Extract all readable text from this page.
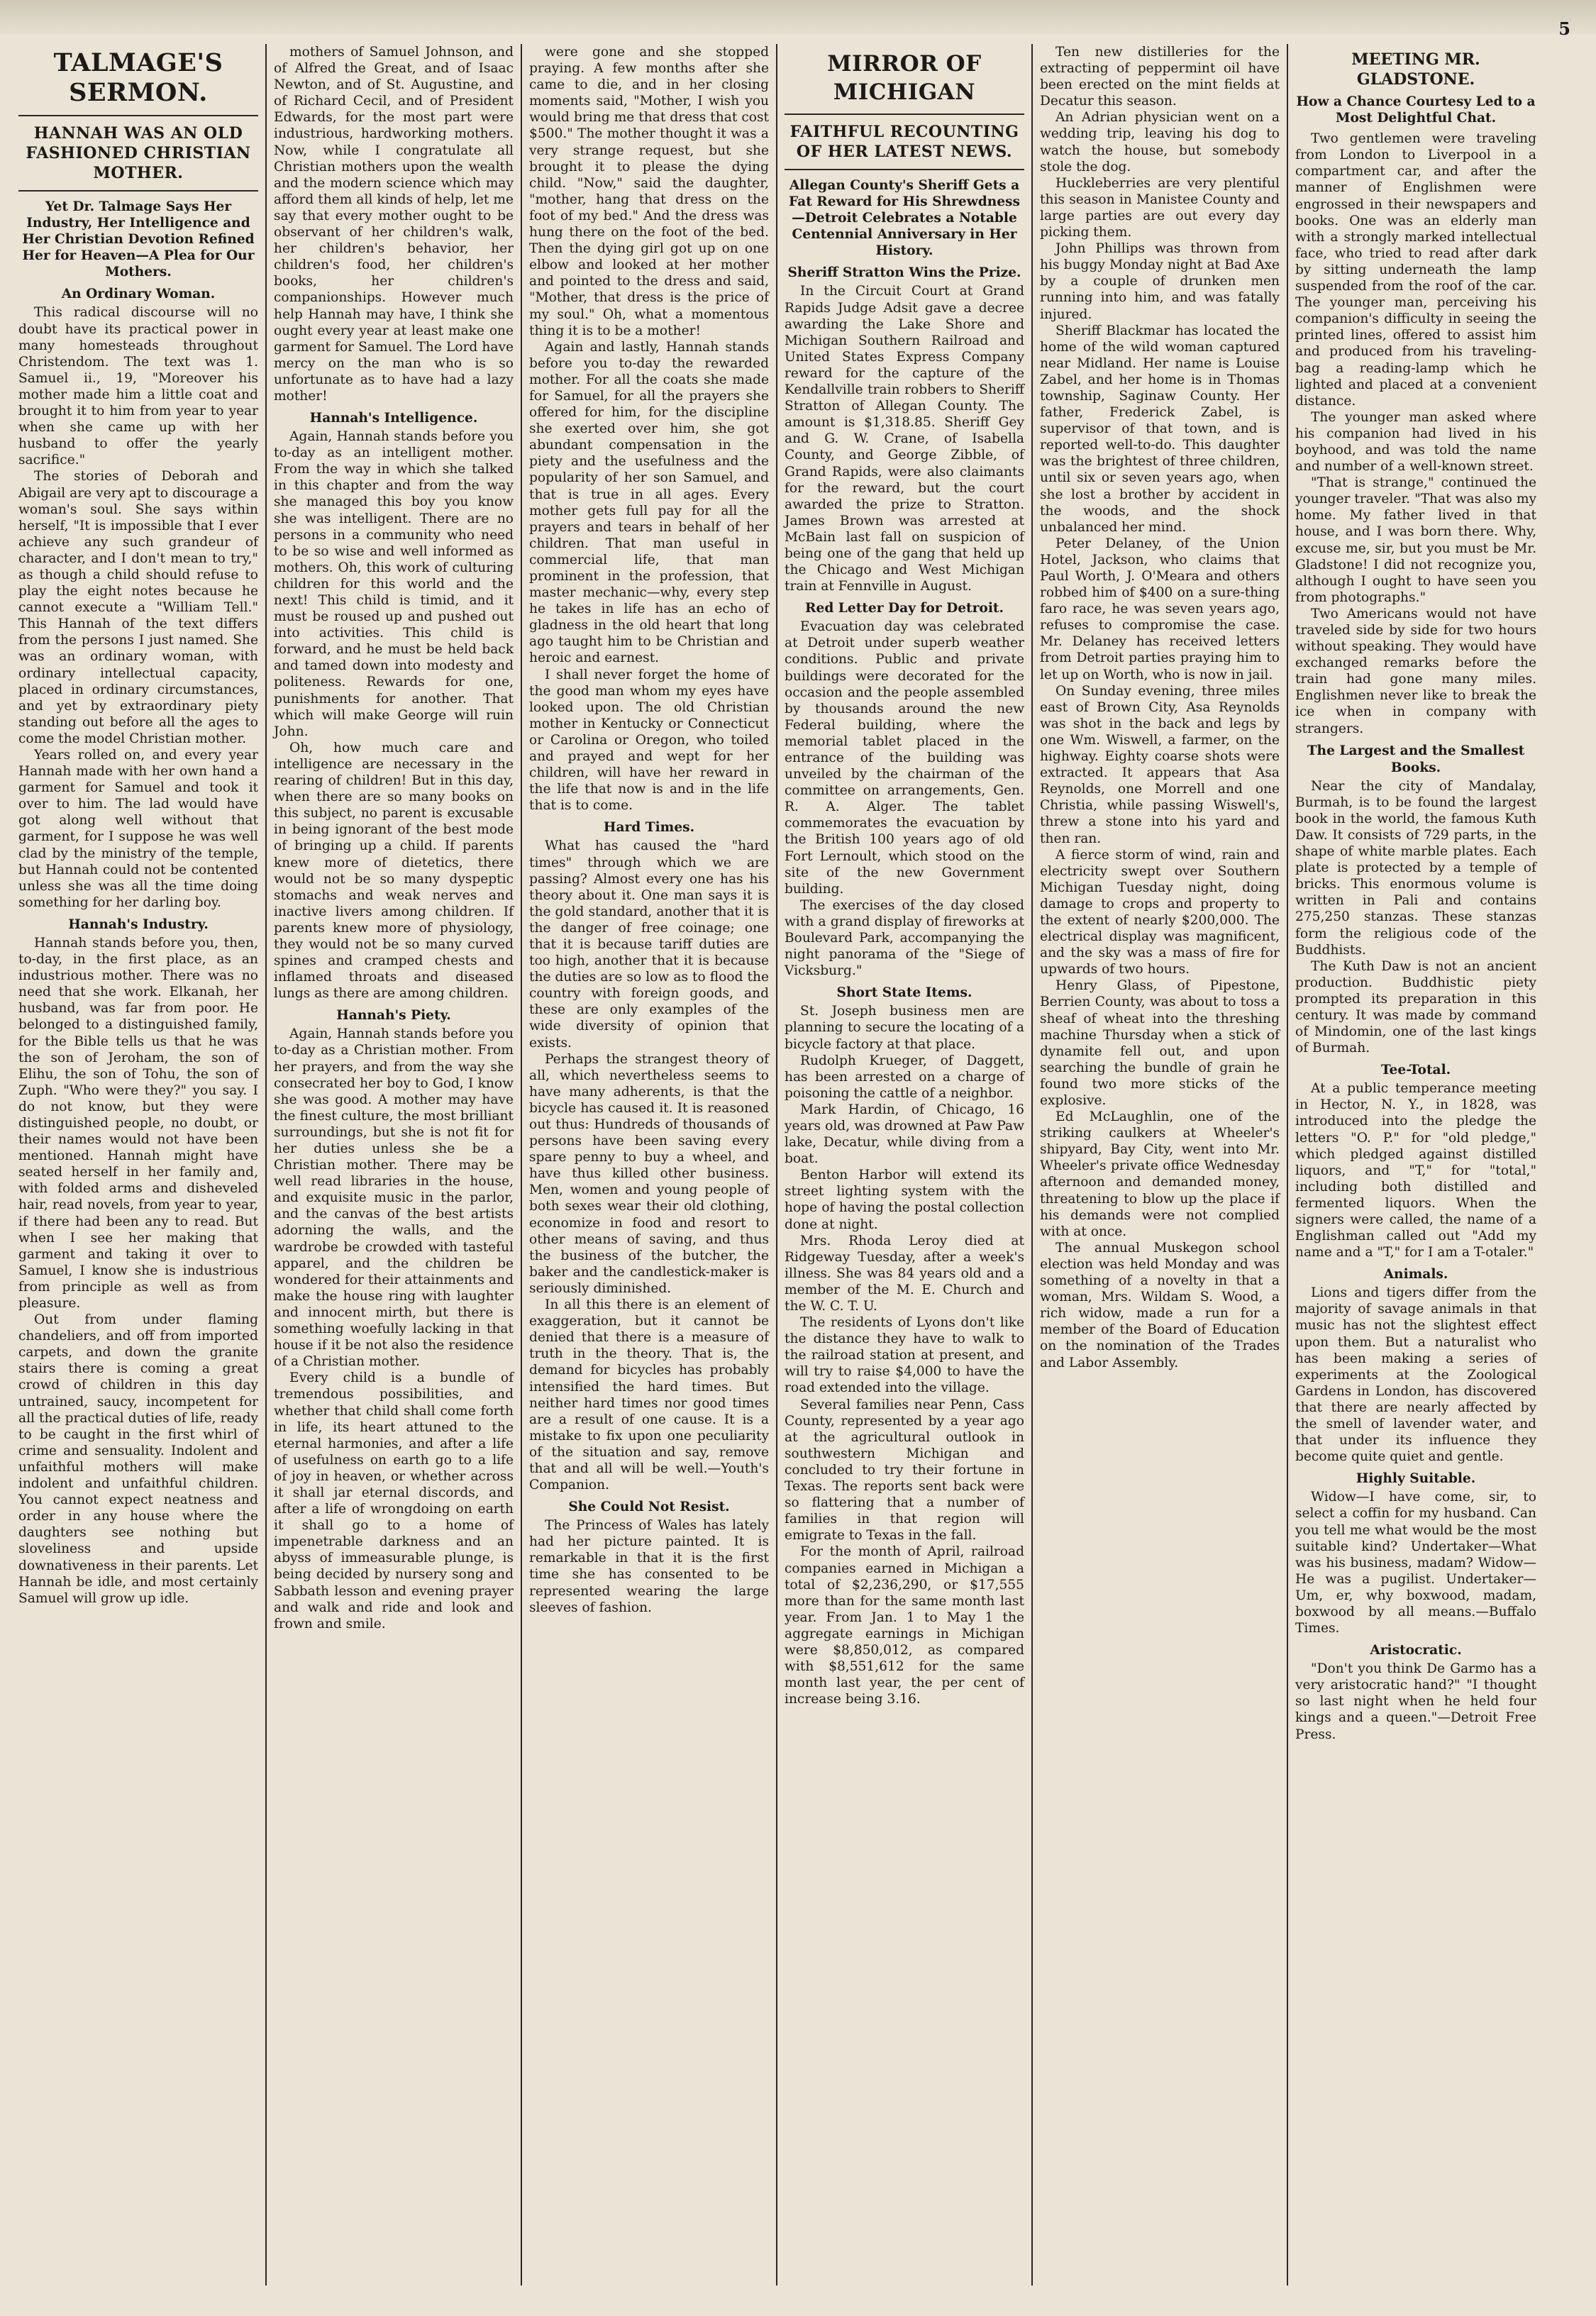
5
TALMAGE'S SERMON.
HANNAH WAS AN OLD FASHIONED CHRISTIAN MOTHER.
Yet Dr. Talmage Says Her Industry, Her Intelligence and Her Christian Devotion Refined Her for Heaven—A Plea for Our Mothers.
An Ordinary Woman.

This radical discourse will no doubt have its practical power in many homesteads throughout Christendom. The text was 1. Samuel ii., 19, "Moreover his mother made him a little coat and brought it to him from year to year when she came up with her husband to offer the yearly sacrifice."

The stories of Deborah and Abigail are very apt to discourage a woman's soul. She says within herself, "It is impossible that I ever achieve any such grandeur of character, and I don't mean to try," as though a child should refuse to play the eight notes because he cannot execute a "William Tell." This Hannah of the text differs from the persons I just named. She was an ordinary woman, with ordinary intellectual capacity, placed in ordinary circumstances, and yet by extraordinary piety standing out before all the ages to come the model Christian mother.

Years rolled on, and every year Hannah made with her own hand a garment for Samuel and took it over to him. The lad would have got along well without that garment, for I suppose he was well clad by the ministry of the temple, but Hannah could not be contented unless she was all the time doing something for her darling boy.

Hannah's Industry.

Hannah stands before you, then, to-day, in the first place, as an industrious mother. There was no need that she work. Elkanah, her husband, was far from poor. He belonged to a distinguished family, for the Bible tells us that he was the son of Jeroham, the son of Elihu, the son of Tohu, the son of Zuph. "Who were they?" you say. I do not know, but they were distinguished people, no doubt, or their names would not have been mentioned. Hannah might have seated herself in her family and, with folded arms and disheveled hair, read novels, from year to year, if there had been any to read. But when I see her making that garment and taking it over to Samuel, I know she is industrious from principle as well as from pleasure.

Out from under flaming chandeliers, and off from imported carpets, and down the granite stairs there is coming a great crowd of children in this day untrained, saucy, incompetent for all the practical duties of life, ready to be caught in the first whirl of crime and sensuality. Indolent and unfaithful mothers will make indolent and unfaithful children. You cannot expect neatness and order in any house where the daughters see nothing but sloveliness and upside downativeness in their parents. Let Hannah be idle, and most certainly Samuel will grow up idle.

mothers of Samuel Johnson, and of Alfred the Great, and of Isaac Newton, and of St. Augustine, and of Richard Cecil, and of President Edwards, for the most part were industrious, hardworking mothers. Now, while I congratulate all Christian mothers upon the wealth and the modern science which may afford them all kinds of help, let me say that every mother ought to be observant of her children's walk, her children's behavior, her children's food, her children's books, her children's companionships. However much help Hannah may have, I think she ought every year at least make one garment for Samuel. The Lord have mercy on the man who is so unfortunate as to have had a lazy mother!

Hannah's Intelligence.

Again, Hannah stands before you to-day as an intelligent mother. From the way in which she talked in this chapter and from the way she managed this boy you know she was intelligent. There are no persons in a community who need to be so wise and well informed as mothers. Oh, this work of culturing children for this world and the next! This child is timid, and it must be roused up and pushed out into activities. This child is forward, and he must be held back and tamed down into modesty and politeness. Rewards for one, punishments for another. That which will make George will ruin John.

Oh, how much care and intelligence are necessary in the rearing of children! But in this day, when there are so many books on this subject, no parent is excusable in being ignorant of the best mode of bringing up a child. If parents knew more of dietetics, there would not be so many dyspeptic stomachs and weak nerves and inactive livers among children. If parents knew more of physiology, they would not be so many curved spines and cramped chests and inflamed throats and diseased lungs as there are among children.

Hannah's Piety.

Again, Hannah stands before you to-day as a Christian mother. From her prayers, and from the way she consecrated her boy to God, I know she was good. A mother may have the finest culture, the most brilliant surroundings, but she is not fit for her duties unless she be a Christian mother. There may be well read libraries in the house, and exquisite music in the parlor, and the canvas of the best artists adorning the walls, and the wardrobe be crowded with tasteful apparel, and the children be wondered for their attainments and make the house ring with laughter and innocent mirth, but there is something woefully lacking in that house if it be not also the residence of a Christian mother.

Every child is a bundle of tremendous possibilities, and whether that child shall come forth in life, its heart attuned to the eternal harmonies, and after a life of usefulness on earth go to a life of joy in heaven, or whether across it shall jar eternal discords, and after a life of wrongdoing on earth it shall go to a home of impenetrable darkness and an abyss of immeasurable plunge, is being decided by nursery song and Sabbath lesson and evening prayer and walk and ride and look and frown and smile.

were gone and she stopped praying. A few months after she came to die, and in her closing moments said, "Mother, I wish you would bring me that dress that cost $500." The mother thought it was a very strange request, but she brought it to please the dying child. "Now," said the daughter, "mother, hang that dress on the foot of my bed." And the dress was hung there on the foot of the bed. Then the dying girl got up on one elbow and looked at her mother and pointed to the dress and said, "Mother, that dress is the price of my soul." Oh, what a momentous thing it is to be a mother!

Again and lastly, Hannah stands before you to-day the rewarded mother. For all the coats she made for Samuel, for all the prayers she offered for him, for the discipline she exerted over him, she got abundant compensation in the piety and the usefulness and the popularity of her son Samuel, and that is true in all ages. Every mother gets full pay for all the prayers and tears in behalf of her children. That man useful in commercial life, that man prominent in the profession, that master mechanic—why, every step he takes in life has an echo of gladness in the old heart that long ago taught him to be Christian and heroic and earnest.

I shall never forget the home of the good man whom my eyes have looked upon. The old Christian mother in Kentucky or Connecticut or Carolina or Oregon, who toiled and prayed and wept for her children, will have her reward in the life that now is and in the life that is to come.

Hard Times.

What has caused the "hard times" through which we are passing? Almost every one has his theory about it. One man says it is the gold standard, another that it is the danger of free coinage; one that it is because tariff duties are too high, another that it is because the duties are so low as to flood the country with foreign goods, and these are only examples of the wide diversity of opinion that exists.

Perhaps the strangest theory of all, which nevertheless seems to have many adherents, is that the bicycle has caused it. It is reasoned out thus: Hundreds of thousands of persons have been saving every spare penny to buy a wheel, and have thus killed other business. Men, women and young people of both sexes wear their old clothing, economize in food and resort to other means of saving, and thus the business of the butcher, the baker and the candlestick-maker is seriously diminished.

In all this there is an element of exaggeration, but it cannot be denied that there is a measure of truth in the theory. That is, the demand for bicycles has probably intensified the hard times. But neither hard times nor good times are a result of one cause. It is a mistake to fix upon one peculiarity of the situation and say, remove that and all will be well.—Youth's Companion.

She Could Not Resist.

The Princess of Wales has lately had her picture painted. It is remarkable in that it is the first time she has consented to be represented wearing the large sleeves of fashion.

MIRROR OF MICHIGAN
FAITHFUL RECOUNTING OF HER LATEST NEWS.
Allegan County's Sheriff Gets a Fat Reward for His Shrewdness—Detroit Celebrates a Notable Centennial Anniversary in Her History.
Sheriff Stratton Wins the Prize.

In the Circuit Court at Grand Rapids Judge Adsit gave a decree awarding the Lake Shore and Michigan Southern Railroad and United States Express Company reward for the capture of the Kendallville train robbers to Sheriff Stratton of Allegan County. The amount is $1,318.85. Sheriff Gey and G. W. Crane, of Isabella County, and George Zibble, of Grand Rapids, were also claimants for the reward, but the court awarded the prize to Stratton. James Brown was arrested at McBain last fall on suspicion of being one of the gang that held up the Chicago and West Michigan train at Fennville in August.

Red Letter Day for Detroit.

Evacuation day was celebrated at Detroit under superb weather conditions. Public and private buildings were decorated for the occasion and the people assembled by thousands around the new Federal building, where the memorial tablet placed in the entrance of the building was unveiled by the chairman of the committee on arrangements, Gen. R. A. Alger. The tablet commemorates the evacuation by the British 100 years ago of old Fort Lernoult, which stood on the site of the new Government building.

The exercises of the day closed with a grand display of fireworks at Boulevard Park, accompanying the night panorama of the "Siege of Vicksburg."

Short State Items.

St. Joseph business men are planning to secure the locating of a bicycle factory at that place.

Rudolph Krueger, of Daggett, has been arrested on a charge of poisoning the cattle of a neighbor.

Mark Hardin, of Chicago, 16 years old, was drowned at Paw Paw lake, Decatur, while diving from a boat.

Benton Harbor will extend its street lighting system with the hope of having the postal collection done at night.

Mrs. Rhoda Leroy died at Ridgeway Tuesday, after a week's illness. She was 84 years old and a member of the M. E. Church and the W. C. T. U.

The residents of Lyons don't like the distance they have to walk to the railroad station at present, and will try to raise $4,000 to have the road extended into the village.

Several families near Penn, Cass County, represented by a year ago at the agricultural outlook in southwestern Michigan and concluded to try their fortune in Texas. The reports sent back were so flattering that a number of families in that region will emigrate to Texas in the fall.

For the month of April, railroad companies earned in Michigan a total of $2,236,290, or $17,555 more than for the same month last year. From Jan. 1 to May 1 the aggregate earnings in Michigan were $8,850,012, as compared with $8,551,612 for the same month last year, the per cent of increase being 3.16.

Ten new distilleries for the extracting of peppermint oil have been erected on the mint fields at Decatur this season.

An Adrian physician went on a wedding trip, leaving his dog to watch the house, but somebody stole the dog.

Huckleberries are very plentiful this season in Manistee County and large parties are out every day picking them.

John Phillips was thrown from his buggy Monday night at Bad Axe by a couple of drunken men running into him, and was fatally injured.

Sheriff Blackmar has located the home of the wild woman captured near Midland. Her name is Louise Zabel, and her home is in Thomas township, Saginaw County. Her father, Frederick Zabel, is supervisor of that town, and is reported well-to-do. This daughter was the brightest of three children, until six or seven years ago, when she lost a brother by accident in the woods, and the shock unbalanced her mind.

Peter Delaney, of the Union Hotel, Jackson, who claims that Paul Worth, J. O'Meara and others robbed him of $400 on a sure-thing faro race, he was seven years ago, refuses to compromise the case. Mr. Delaney has received letters from Detroit parties praying him to let up on Worth, who is now in jail.

On Sunday evening, three miles east of Brown City, Asa Reynolds was shot in the back and legs by one Wm. Wiswell, a farmer, on the highway. Eighty coarse shots were extracted. It appears that Asa Reynolds, one Morrell and one Christia, while passing Wiswell's, threw a stone into his yard and then ran.

A fierce storm of wind, rain and electricity swept over Southern Michigan Tuesday night, doing damage to crops and property to the extent of nearly $200,000. The electrical display was magnificent, and the sky was a mass of fire for upwards of two hours.

Henry Glass, of Pipestone, Berrien County, was about to toss a sheaf of wheat into the threshing machine Thursday when a stick of dynamite fell out, and upon searching the bundle of grain he found two more sticks of the explosive.

Ed McLaughlin, one of the striking caulkers at Wheeler's shipyard, Bay City, went into Mr. Wheeler's private office Wednesday afternoon and demanded money, threatening to blow up the place if his demands were not complied with at once.

The annual Muskegon school election was held Monday and was something of a novelty in that a woman, Mrs. Wildam S. Wood, a rich widow, made a run for a member of the Board of Education on the nomination of the Trades and Labor Assembly.

MEETING MR. GLADSTONE.
How a Chance Courtesy Led to a Most Delightful Chat.

Two gentlemen were traveling from London to Liverpool in a compartment car, and after the manner of Englishmen were engrossed in their newspapers and books. One was an elderly man with a strongly marked intellectual face, who tried to read after dark by sitting underneath the lamp suspended from the roof of the car. The younger man, perceiving his companion's difficulty in seeing the printed lines, offered to assist him and produced from his traveling-bag a reading-lamp which he lighted and placed at a convenient distance.

The younger man asked where his companion had lived in his boyhood, and was told the name and number of a well-known street.

"That is strange," continued the younger traveler. "That was also my home. My father lived in that house, and I was born there. Why, excuse me, sir, but you must be Mr. Gladstone! I did not recognize you, although I ought to have seen you from photographs."

Two Americans would not have traveled side by side for two hours without speaking. They would have exchanged remarks before the train had gone many miles. Englishmen never like to break the ice when in company with strangers.

The Largest and the Smallest Books.

Near the city of Mandalay, Burmah, is to be found the largest book in the world, the famous Kuth Daw. It consists of 729 parts, in the shape of white marble plates. Each plate is protected by a temple of bricks. This enormous volume is written in Pali and contains 275,250 stanzas. These stanzas form the religious code of the Buddhists.

The Kuth Daw is not an ancient production. Buddhistic piety prompted its preparation in this century. It was made by command of Mindomin, one of the last kings of Burmah.

Tee-Total.

At a public temperance meeting in Hector, N. Y., in 1828, was introduced into the pledge the letters "O. P." for "old pledge," which pledged against distilled liquors, and "T," for "total," including both distilled and fermented liquors. When the signers were called, the name of a Englishman called out "Add my name and a "T," for I am a T-otaler."

Animals.

Lions and tigers differ from the majority of savage animals in that music has not the slightest effect upon them. But a naturalist who has been making a series of experiments at the Zoological Gardens in London, has discovered that there are nearly affected by the smell of lavender water, and that under its influence they become quite quiet and gentle.

Highly Suitable.

Widow—I have come, sir, to select a coffin for my husband. Can you tell me what would be the most suitable kind? Undertaker—What was his business, madam? Widow—He was a pugilist. Undertaker—Um, er, why boxwood, madam, boxwood by all means.—Buffalo Times.

Aristocratic.

"Don't you think De Garmo has a very aristocratic hand?" "I thought so last night when he held four kings and a queen."—Detroit Free Press.
